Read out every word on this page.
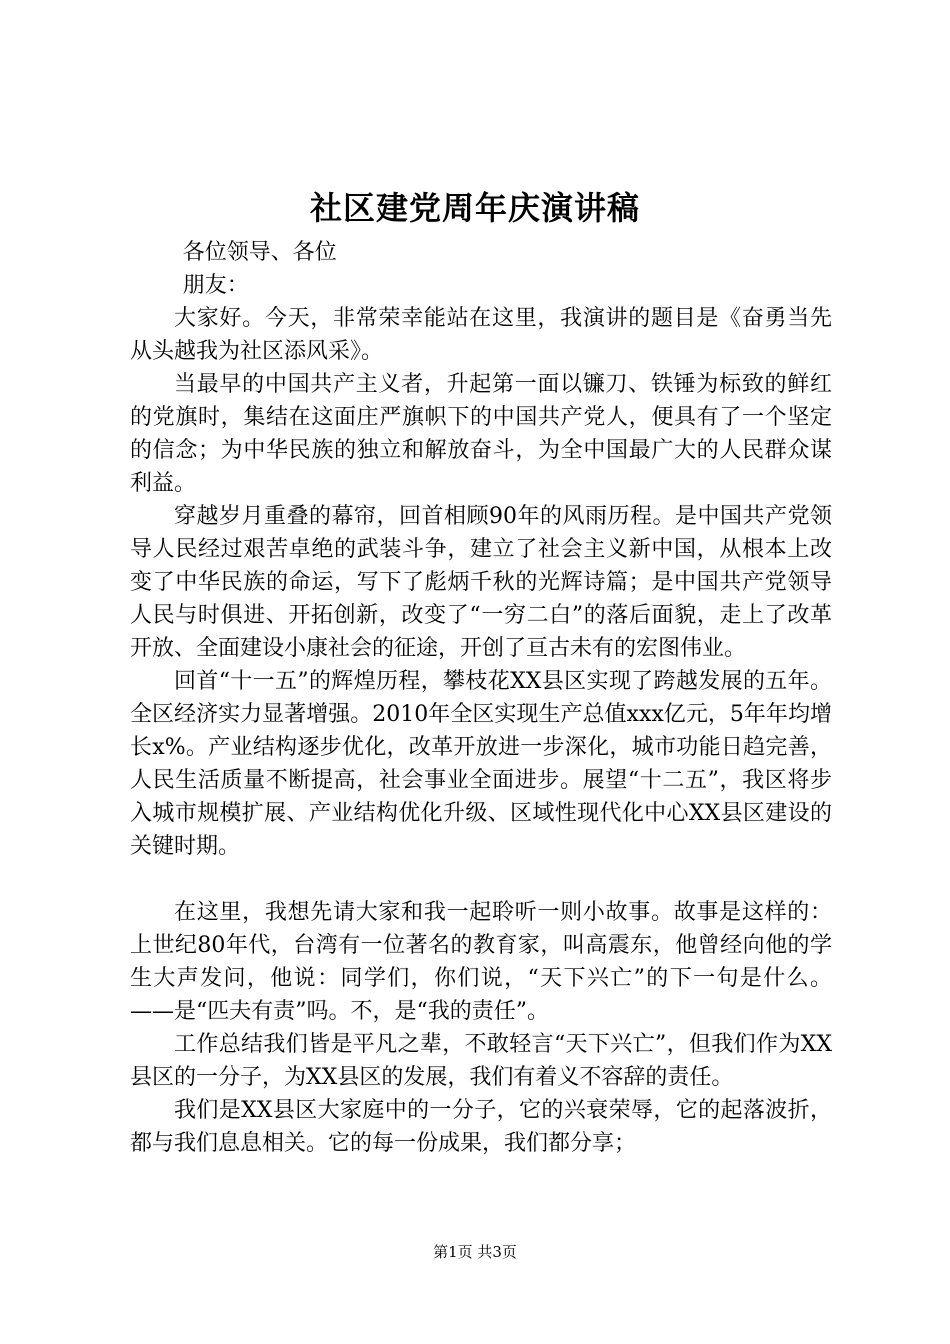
社区建党周年庆演讲稿

各位领导、各位

朋友：

大家好。今天，非常荣幸能站在这里，我演讲的题目是《奋勇当先从头越我为社区添风采》。

当最早的中国共产主义者，升起第一面以镰刀、铁锤为标致的鲜红的党旗时，集结在这面庄严旗帜下的中国共产党人，便具有了一个坚定的信念；为中华民族的独立和解放奋斗，为全中国最广大的人民群众谋利益。

穿越岁月重叠的幕帘，回首相顾90年的风雨历程。是中国共产党领导人民经过艰苦卓绝的武装斗争，建立了社会主义新中国，从根本上改变了中华民族的命运，写下了彪炳千秋的光辉诗篇；是中国共产党领导人民与时俱进、开拓创新，改变了“一穷二白”的落后面貌，走上了改革开放、全面建设小康社会的征途，开创了亘古未有的宏图伟业。

回首“十一五”的辉煌历程，攀枝花XX县区实现了跨越发展的五年。全区经济实力显著增强。2010年全区实现生产总值xxx亿元，5年年均增长x%。产业结构逐步优化，改革开放进一步深化，城市功能日趋完善，人民生活质量不断提高，社会事业全面进步。展望“十二五”，我区将步入城市规模扩展、产业结构优化升级、区域性现代化中心XX县区建设的关键时期。

在这里，我想先请大家和我一起聆听一则小故事。故事是这样的：上世纪80年代，台湾有一位著名的教育家，叫高震东，他曾经向他的学生大声发问，他说：同学们，你们说，“天下兴亡”的下一句是什么。——是“匹夫有责”吗。不，是“我的责任”。

工作总结我们皆是平凡之辈，不敢轻言“天下兴亡”，但我们作为XX县区的一分子，为XX县区的发展，我们有着义不容辞的责任。

我们是XX县区大家庭中的一分子，它的兴衰荣辱，它的起落波折，都与我们息息相关。它的每一份成果，我们都分享；

第1页 共3页
